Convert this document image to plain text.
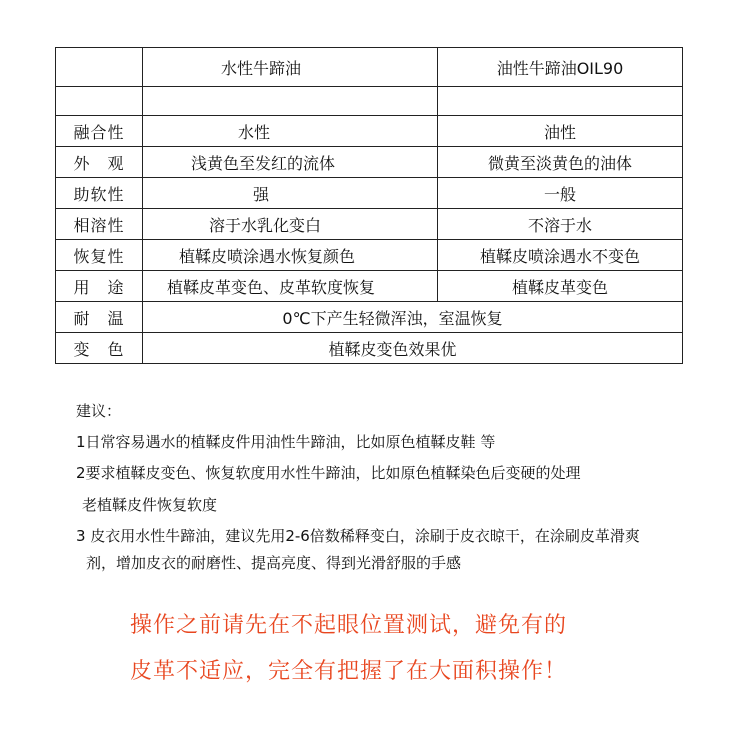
	水性牛蹄油	油性牛蹄油OIL90

融合性	水性	油性
外　观	浅黄色至发红的流体	微黄至淡黄色的油体
助软性	强	一般
相溶性	溶于水乳化变白	不溶于水
恢复性	植鞣皮喷涂遇水恢复颜色	植鞣皮喷涂遇水不变色
用　途	植鞣皮革变色、皮革软度恢复	植鞣皮革变色
耐　温	0℃下产生轻微浑浊，室温恢复	
变　色	植鞣皮变色效果优	
建议：
1日常容易遇水的植鞣皮件用油性牛蹄油，比如原色植鞣皮鞋 等
2要求植鞣皮变色、恢复软度用水性牛蹄油，比如原色植鞣染色后变硬的处理
老植鞣皮件恢复软度
3 皮衣用水性牛蹄油，建议先用2-6倍数稀释变白，涂刷于皮衣晾干，在涂刷皮革滑爽
剂，增加皮衣的耐磨性、提高亮度、得到光滑舒服的手感
操作之前请先在不起眼位置测试，避免有的
皮革不适应，完全有把握了在大面积操作！
